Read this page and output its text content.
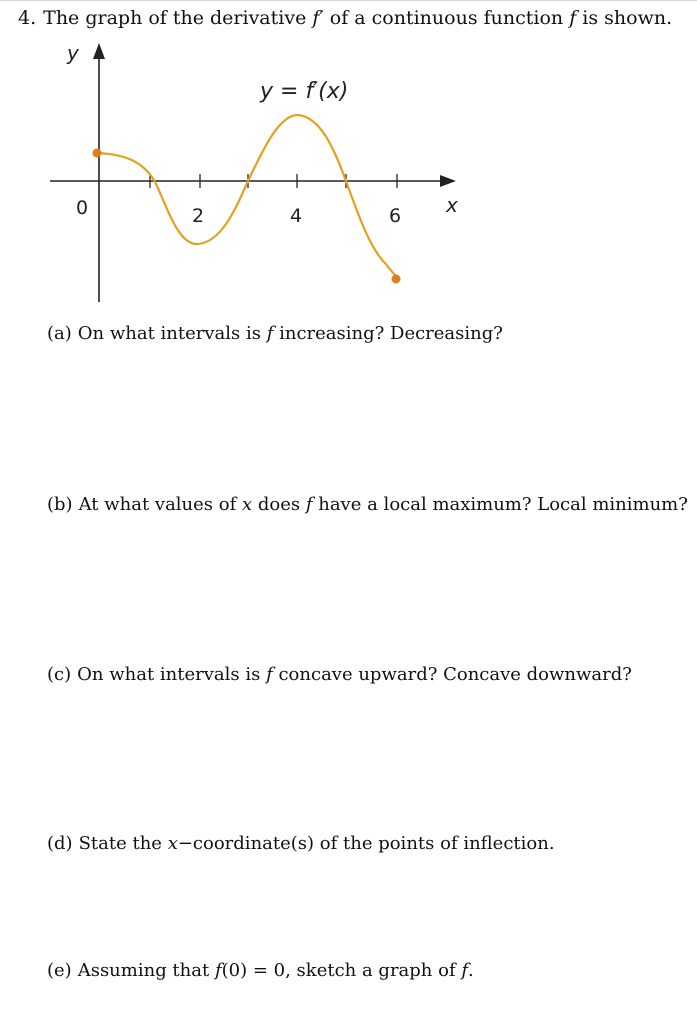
4. The graph of the derivative f′ of a continuous function f is shown.
y
y = f′(x)
0	2	4	6 x
(a) On what intervals is f increasing? Decreasing?
(b) At what values of x does f have a local maximum? Local minimum?
(c) On what intervals is f concave upward? Concave downward?
(d) State the x−coordinate(s) of the points of inflection.
(e) Assuming that f(0) = 0, sketch a graph of f.
